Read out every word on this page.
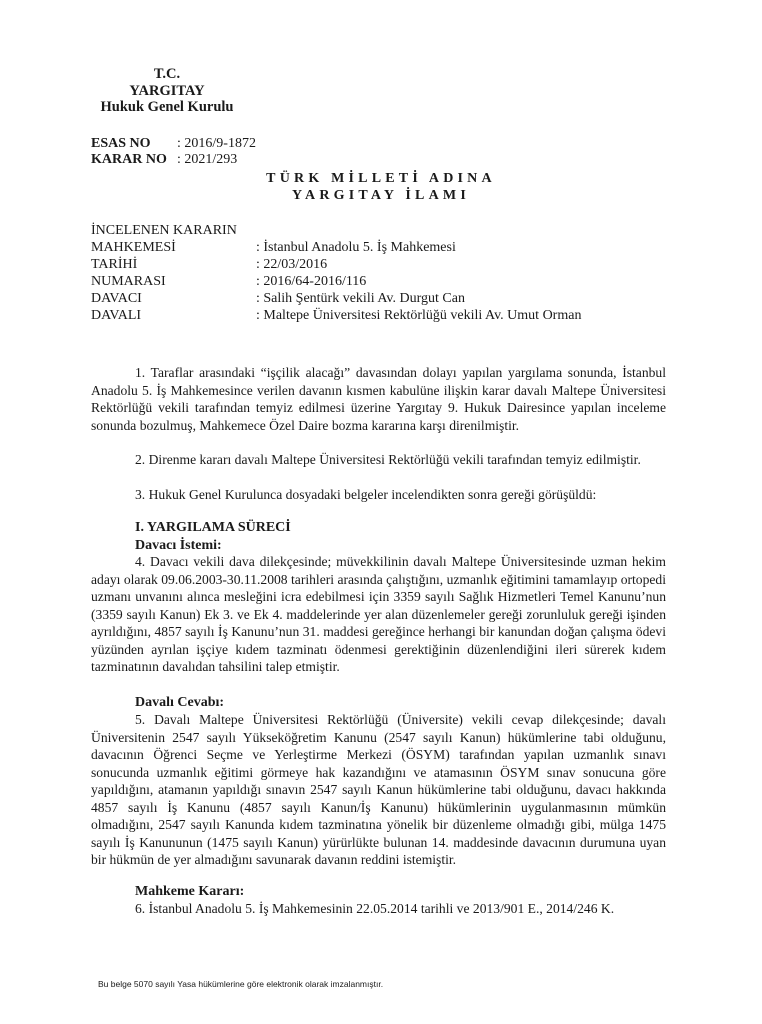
T.C.
YARGITAY
Hukuk Genel Kurulu
ESAS NO : 2016/9-1872
KARAR NO : 2021/293
TÜRK MİLLETİ ADINA
YARGITAY İLAMI
İNCELENEN KARARIN
MAHKEMESİ	: İstanbul Anadolu 5. İş Mahkemesi
TARİHİ	: 22/03/2016
NUMARASI	: 2016/64-2016/116
DAVACI	: Salih Şentürk vekili Av. Durgut Can
DAVALI	: Maltepe Üniversitesi Rektörlüğü vekili Av. Umut Orman

1. Taraflar arasındaki “işçilik alacağı” davasından dolayı yapılan yargılama sonunda, İstanbul Anadolu 5. İş Mahkemesince verilen davanın kısmen kabulüne ilişkin karar davalı Maltepe Üniversitesi Rektörlüğü vekili tarafından temyiz edilmesi üzerine Yargıtay 9. Hukuk Dairesince yapılan inceleme sonunda bozulmuş, Mahkemece Özel Daire bozma kararına karşı direnilmiştir.

2. Direnme kararı davalı Maltepe Üniversitesi Rektörlüğü vekili tarafından temyiz edilmiştir.

3. Hukuk Genel Kurulunca dosyadaki belgeler incelendikten sonra gereği görüşüldü:

I. YARGILAMA SÜRECİ
Davacı İstemi:

4. Davacı vekili dava dilekçesinde; müvekkilinin davalı Maltepe Üniversitesinde uzman hekim adayı olarak 09.06.2003-30.11.2008 tarihleri arasında çalıştığını, uzmanlık eğitimini tamamlayıp ortopedi uzmanı unvanını alınca mesleğini icra edebilmesi için 3359 sayılı Sağlık Hizmetleri Temel Kanunu’nun (3359 sayılı Kanun) Ek 3. ve Ek 4. maddelerinde yer alan düzenlemeler gereği zorunluluk gereği işinden ayrıldığını, 4857 sayılı İş Kanunu’nun 31. maddesi gereğince herhangi bir kanundan doğan çalışma ödevi yüzünden ayrılan işçiye kıdem tazminatı ödenmesi gerektiğinin düzenlendiğini ileri sürerek kıdem tazminatının davalıdan tahsilini talep etmiştir.

Davalı Cevabı:

5. Davalı Maltepe Üniversitesi Rektörlüğü (Üniversite) vekili cevap dilekçesinde; davalı Üniversitenin 2547 sayılı Yükseköğretim Kanunu (2547 sayılı Kanun) hükümlerine tabi olduğunu, davacının Öğrenci Seçme ve Yerleştirme Merkezi (ÖSYM) tarafından yapılan uzmanlık sınavı sonucunda uzmanlık eğitimi görmeye hak kazandığını ve atamasının ÖSYM sınav sonucuna göre yapıldığını, atamanın yapıldığı sınavın 2547 sayılı Kanun hükümlerine tabi olduğunu, davacı hakkında 4857 sayılı İş Kanunu (4857 sayılı Kanun/İş Kanunu) hükümlerinin uygulanmasının mümkün olmadığını, 2547 sayılı Kanunda kıdem tazminatına yönelik bir düzenleme olmadığı gibi, mülga 1475 sayılı İş Kanununun (1475 sayılı Kanun) yürürlükte bulunan 14. maddesinde davacının durumuna uyan bir hükmün de yer almadığını savunarak davanın reddini istemiştir.

Mahkeme Kararı:

6. İstanbul Anadolu 5. İş Mahkemesinin 22.05.2014 tarihli ve 2013/901 E., 2014/246 K.

Bu belge 5070 sayılı Yasa hükümlerine göre elektronik olarak imzalanmıştır.
